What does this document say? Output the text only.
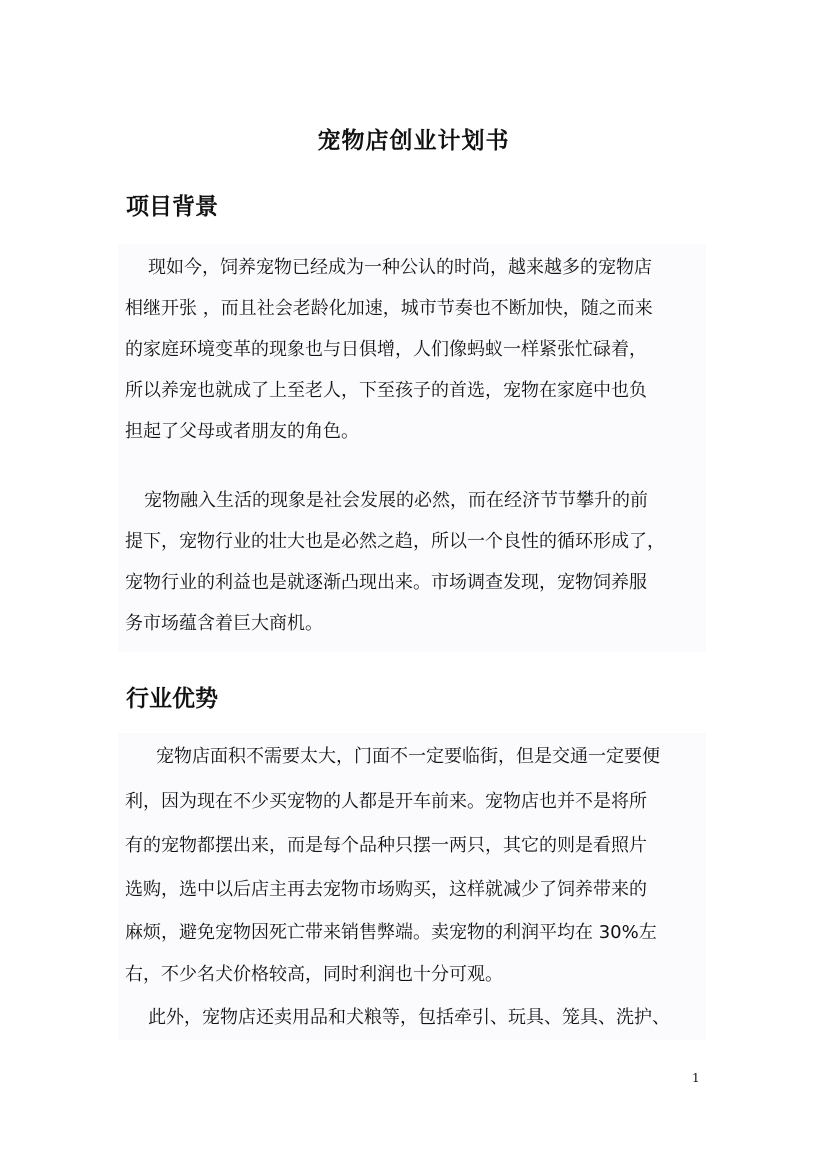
宠物店创业计划书
项目背景
现如今，饲养宠物已经成为一种公认的时尚，越来越多的宠物店
相继开张 ，而且社会老龄化加速，城市节奏也不断加快，随之而来
的家庭环境变革的现象也与日俱增，人们像蚂蚁一样紧张忙碌着，
所以养宠也就成了上至老人，下至孩子的首选，宠物在家庭中也负
担起了父母或者朋友的角色。
宠物融入生活的现象是社会发展的必然，而在经济节节攀升的前
提下，宠物行业的壮大也是必然之趋，所以一个良性的循环形成了，
宠物行业的利益也是就逐渐凸现出来。市场调查发现，宠物饲养服
务市场蕴含着巨大商机。
行业优势
宠物店面积不需要太大，门面不一定要临街，但是交通一定要便
利，因为现在不少买宠物的人都是开车前来。宠物店也并不是将所
有的宠物都摆出来，而是每个品种只摆一两只，其它的则是看照片
选购，选中以后店主再去宠物市场购买，这样就减少了饲养带来的
麻烦，避免宠物因死亡带来销售弊端。卖宠物的利润平均在 30%左
右，不少名犬价格较高，同时利润也十分可观。
此外，宠物店还卖用品和犬粮等，包括牵引、玩具、笼具、洗护、
1
